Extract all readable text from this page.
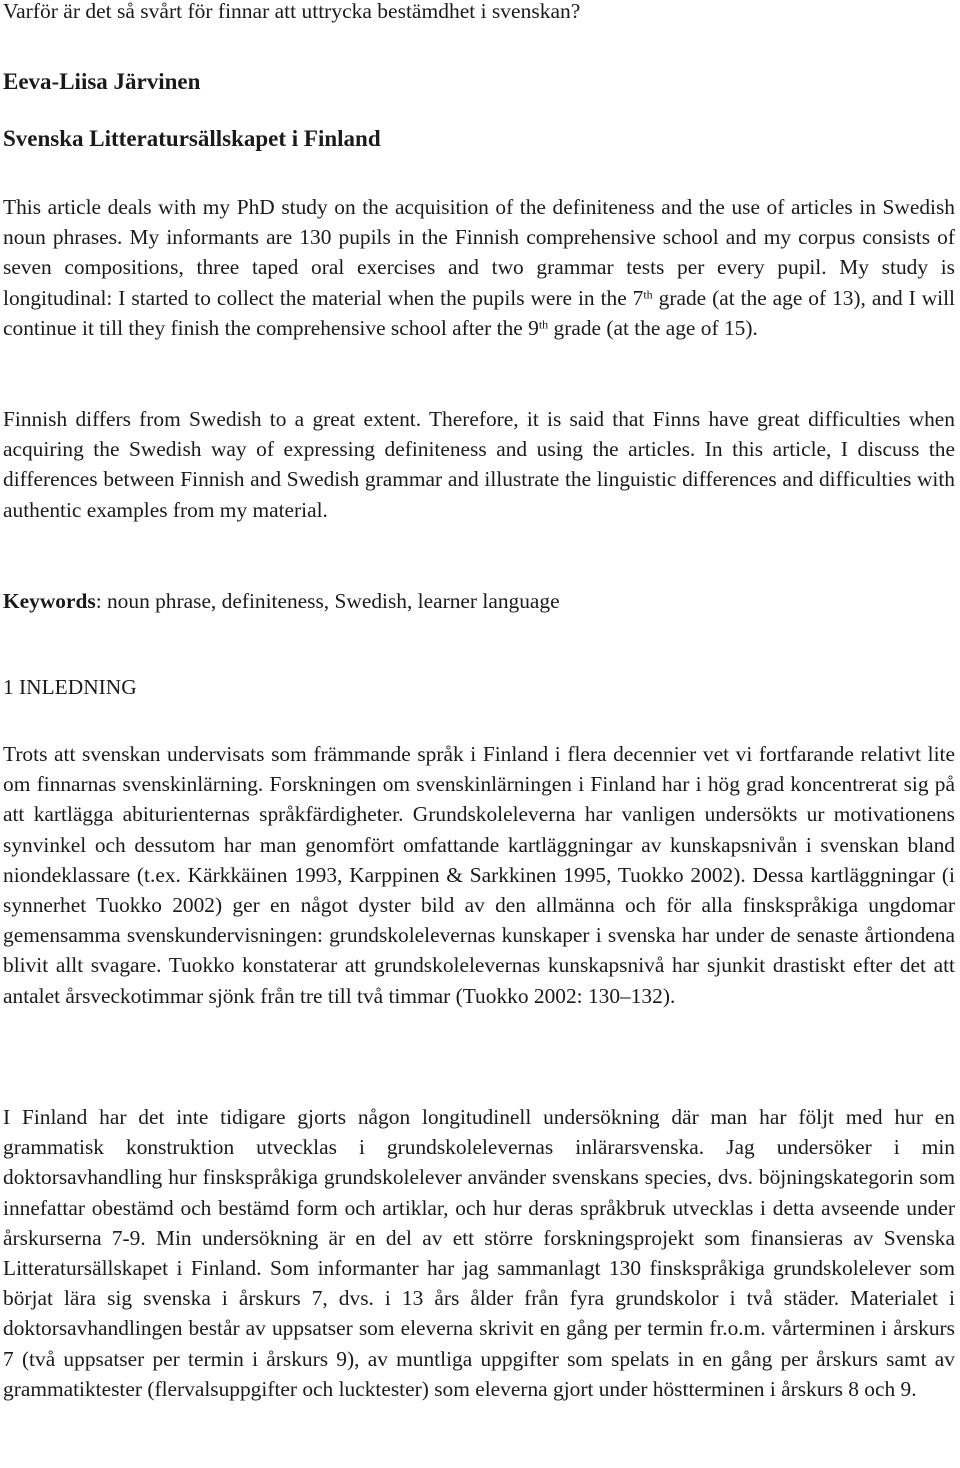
Varför är det så svårt för finnar att uttrycka bestämdhet i svenskan?

Eeva-Liisa Järvinen

Svenska Litteratursällskapet i Finland

This article deals with my PhD study on the acquisition of the definiteness and the use of articles in Swedish noun phrases. My informants are 130 pupils in the Finnish comprehensive school and my corpus consists of seven compositions, three taped oral exercises and two grammar tests per every pupil. My study is longitudinal: I started to collect the material when the pupils were in the 7th grade (at the age of 13), and I will continue it till they finish the comprehensive school after the 9th grade (at the age of 15).

Finnish differs from Swedish to a great extent. Therefore, it is said that Finns have great difficulties when acquiring the Swedish way of expressing definiteness and using the articles. In this article, I discuss the differences between Finnish and Swedish grammar and illustrate the linguistic differences and difficulties with authentic examples from my material.

Keywords: noun phrase, definiteness, Swedish, learner language

1 INLEDNING

Trots att svenskan undervisats som främmande språk i Finland i flera decennier vet vi fortfarande relativt lite om finnarnas svenskinlärning. Forskningen om svenskinlärningen i Finland har i hög grad koncentrerat sig på att kartlägga abiturienternas språkfärdigheter. Grundskoleleverna har vanligen undersökts ur motivationens synvinkel och dessutom har man genomfört omfattande kartläggningar av kunskapsnivån i svenskan bland niondeklassare (t.ex. Kärkkäinen 1993, Karppinen & Sarkkinen 1995, Tuokko 2002). Dessa kartläggningar (i synnerhet Tuokko 2002) ger en något dyster bild av den allmänna och för alla finskspråkiga ungdomar gemensamma svenskundervisningen: grundskolelevernas kunskaper i svenska har under de senaste årtiondena blivit allt svagare. Tuokko konstaterar att grundskolelevernas kunskapsnivå har sjunkit drastiskt efter det att antalet årsveckotimmar sjönk från tre till två timmar (Tuokko 2002: 130–132).

I Finland har det inte tidigare gjorts någon longitudinell undersökning där man har följt med hur en grammatisk konstruktion utvecklas i grundskolelevernas inlärarsvenska. Jag undersöker i min doktorsavhandling hur finskspråkiga grundskolelever använder svenskans species, dvs. böjningskategorin som innefattar obestämd och bestämd form och artiklar, och hur deras språkbruk utvecklas i detta avseende under årskurserna 7-9. Min undersökning är en del av ett större forskningsprojekt som finansieras av Svenska Litteratursällskapet i Finland. Som informanter har jag sammanlagt 130 finskspråkiga grundskolelever som börjat lära sig svenska i årskurs 7, dvs. i 13 års ålder från fyra grundskolor i två städer. Materialet i doktorsavhandlingen består av uppsatser som eleverna skrivit en gång per termin fr.o.m. vårterminen i årskurs 7 (två uppsatser per termin i årskurs 9), av muntliga uppgifter som spelats in en gång per årskurs samt av grammatiktester (flervalsuppgifter och lucktester) som eleverna gjort under höstterminen i årskurs 8 och 9.
